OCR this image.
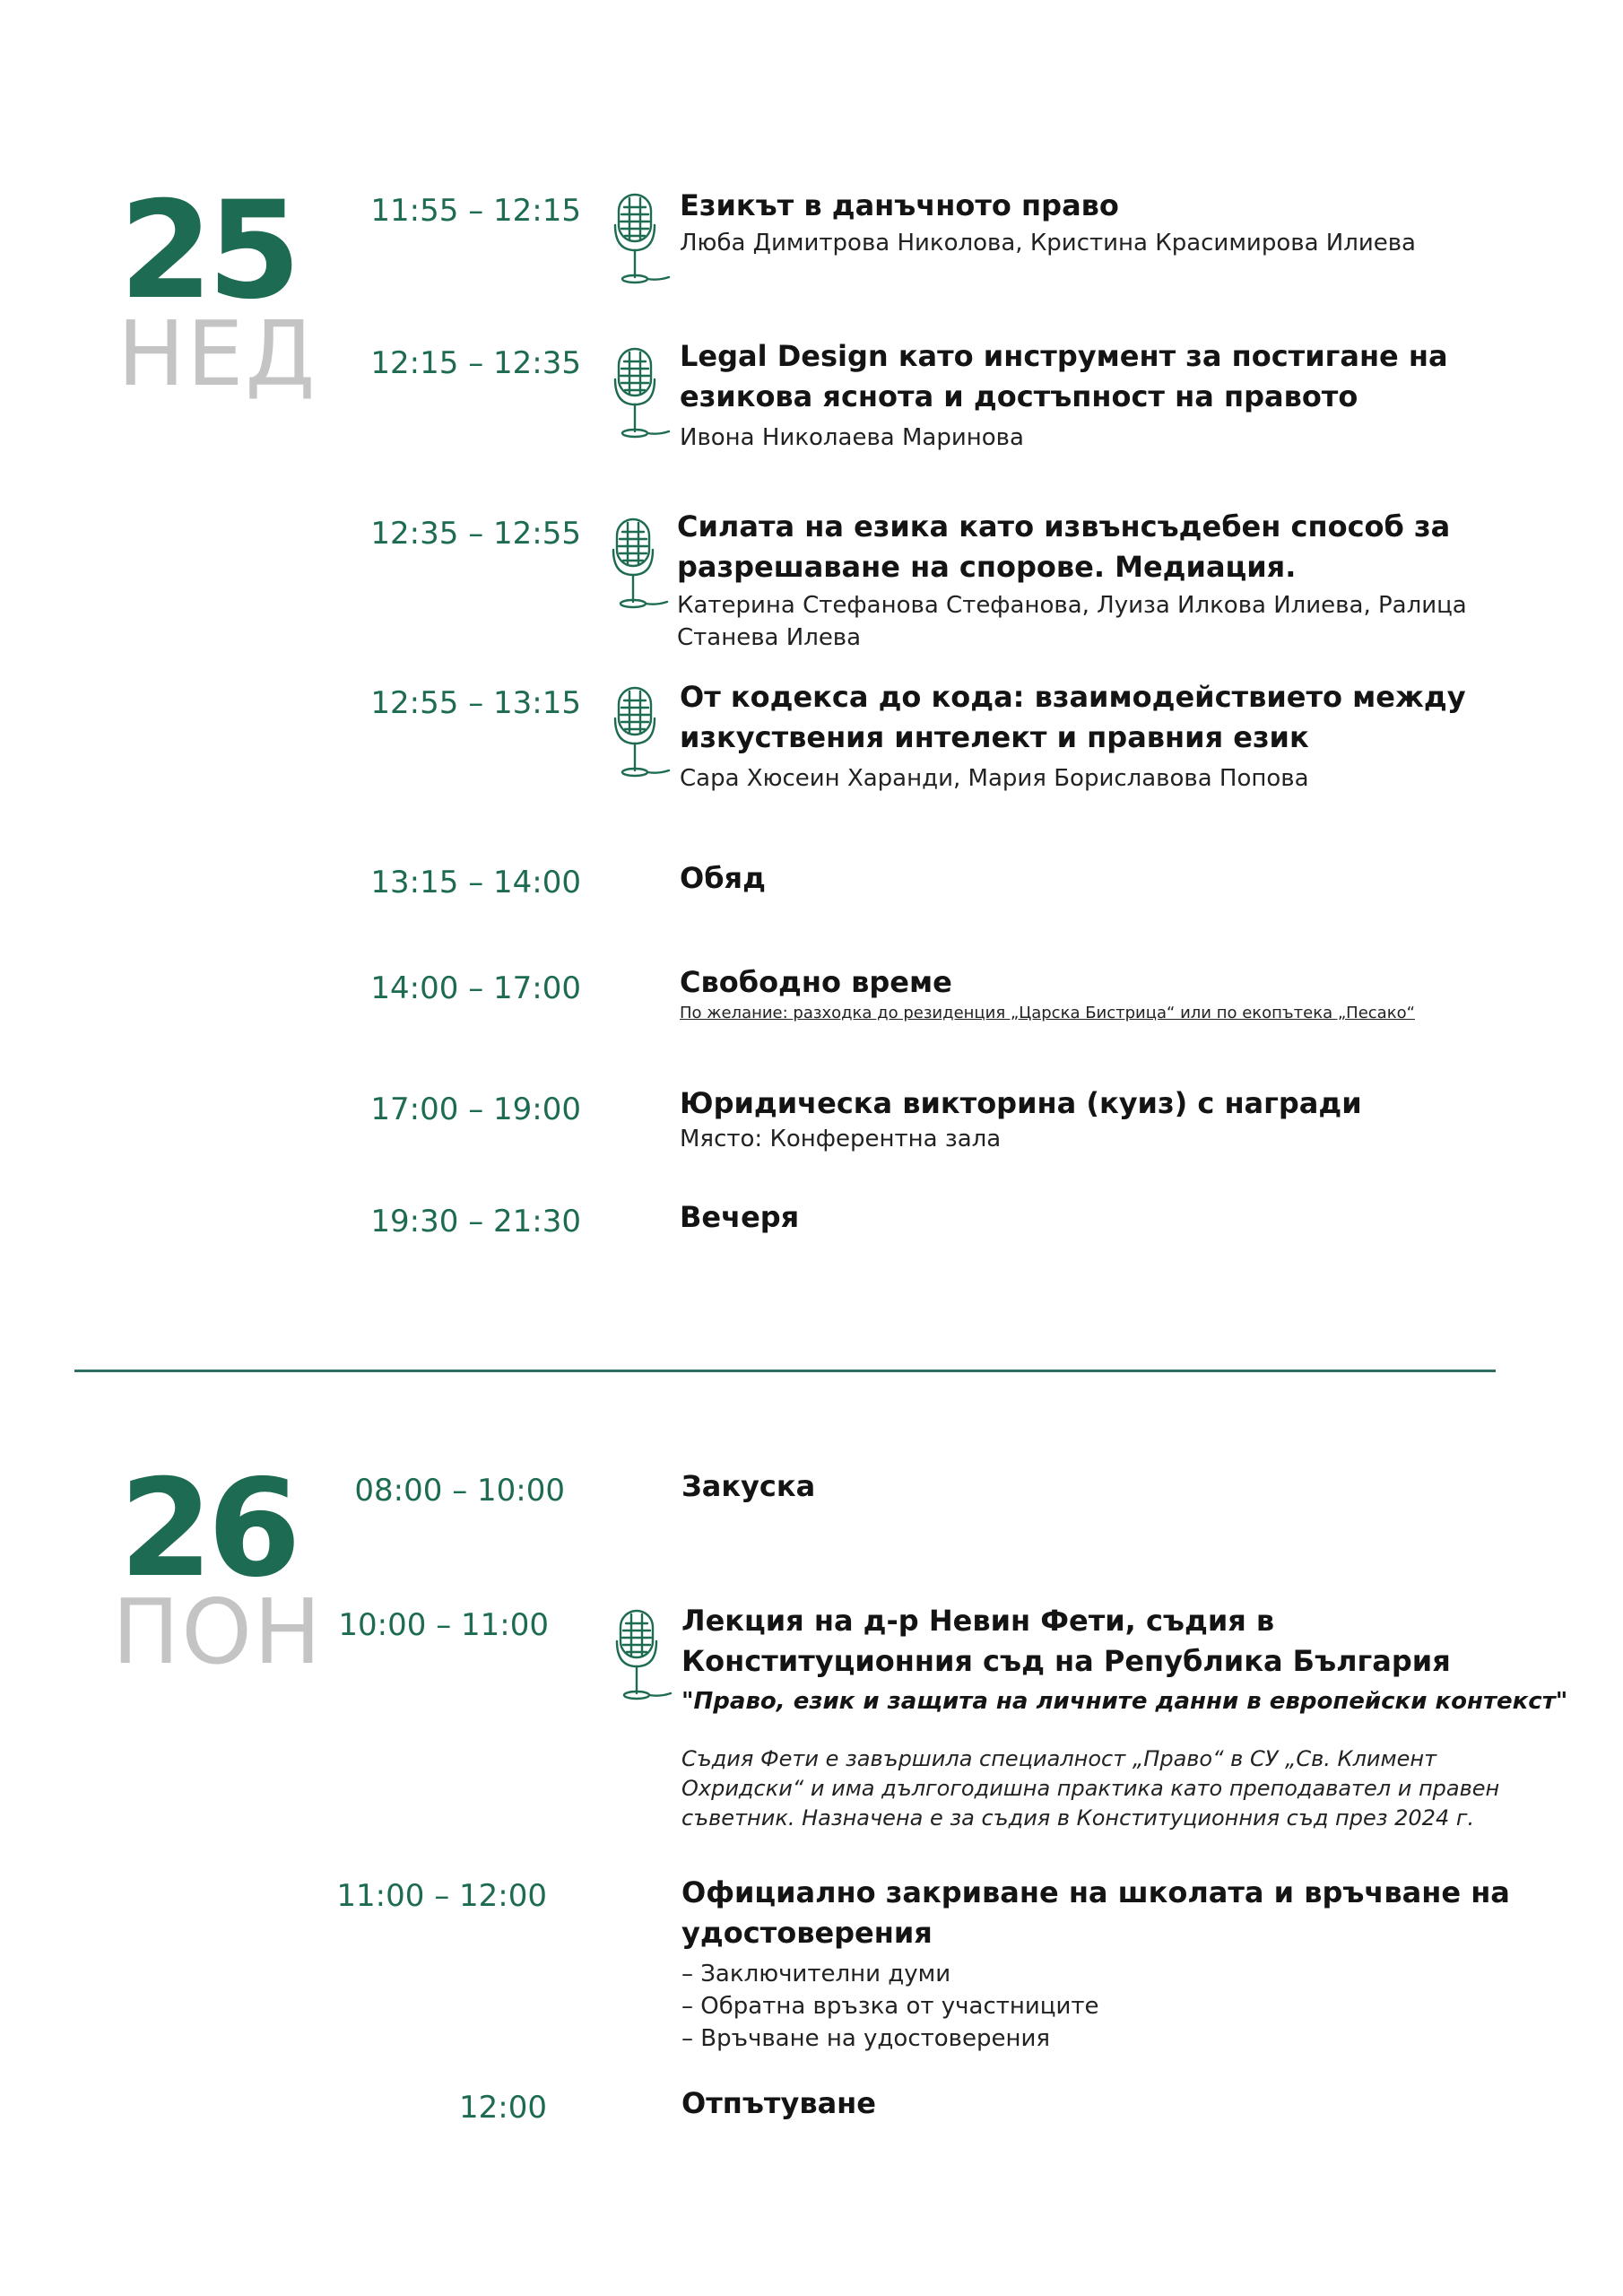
25
НЕД
11:55 – 12:15	Езикът в данъчното право
Люба Димитрова Николова, Кристина Красимирова Илиева
12:15 – 12:35	Legal Design като инструмент за постигане на езикова яснота и достъпност на правото
Ивона Николаева Маринова
12:35 – 12:55	Силата на езика като извънсъдебен способ за разрешаване на спорове. Медиация.
Катерина Стефанова Стефанова, Луиза Илкова Илиева, Ралица Станева Илева
12:55 – 13:15	От кодекса до кода: взаимодействието между изкуствения интелект и правния език
Сара Хюсеин Харанди, Мария Бориславова Попова
13:15 – 14:00	Обяд
14:00 – 17:00	Свободно време
По желание: разходка до резиденция „Царска Бистрица“ или по екопътека „Песако“
17:00 – 19:00	Юридическа викторина (куиз) с награди
Място: Конферентна зала
19:30 – 21:30	Вечеря
26
ПОН
08:00 – 10:00	Закуска
10:00 – 11:00	Лекция на д-р Невин Фети, съдия в Конституционния съд на Република България
"Право, език и защита на личните данни в европейски контекст"
Съдия Фети е завършила специалност „Право“ в СУ „Св. Климент Охридски“ и има дългогодишна практика като преподавател и правен съветник. Назначена е за съдия в Конституционния съд през 2024 г.
11:00 – 12:00	Официално закриване на школата и връчване на удостоверения
– Заключителни думи
– Обратна връзка от участниците
– Връчване на удостоверения
12:00	Отпътуване
